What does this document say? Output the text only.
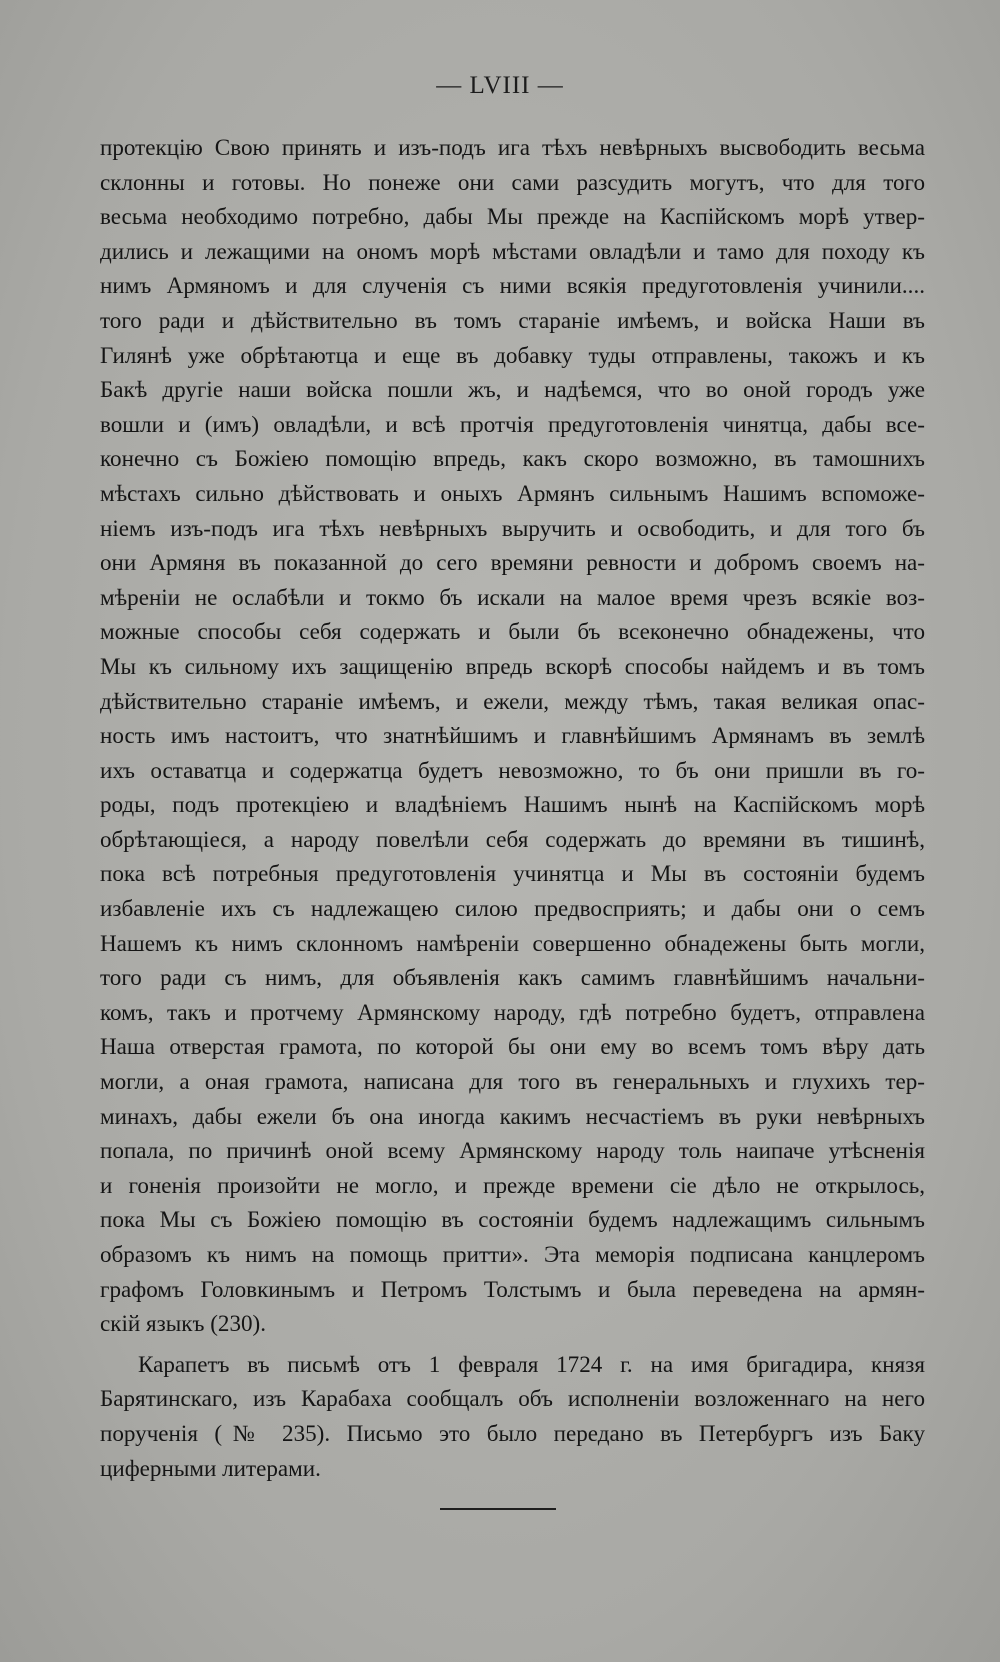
— LVIII —
протекцію Свою принять и изъ-подъ ига тѣхъ невѣрныхъ высвободить весьма
склонны и готовы. Но понеже они сами разсудить могутъ, что для того
весьма необходимо потребно, дабы Мы прежде на Каспійскомъ морѣ утвер-
дились и лежащими на ономъ морѣ мѣстами овладѣли и тамо для походу къ
нимъ Армяномъ и для слученія съ ними всякія предуготовленія учинили....
того ради и дѣйствительно въ томъ стараніе имѣемъ, и войска Наши въ
Гилянѣ уже обрѣтаютца и еще въ добавку туды отправлены, такожъ и къ
Бакѣ другіе наши войска пошли жъ, и надѣемся, что во оной городъ уже
вошли и (имъ) овладѣли, и всѣ протчія предуготовленія чинятца, дабы все-
конечно съ Божіею помощію впредь, какъ скоро возможно, въ тамошнихъ
мѣстахъ сильно дѣйствовать и оныхъ Армянъ сильнымъ Нашимъ вспоможе-
ніемъ изъ-подъ ига тѣхъ невѣрныхъ выручить и освободить, и для того бъ
они Армяня въ показанной до сего времяни ревности и добромъ своемъ на-
мѣреніи не ослабѣли и токмо бъ искали на малое время чрезъ всякіе воз-
можные способы себя содержать и были бъ всеконечно обнадежены, что
Мы къ сильному ихъ защищенію впредь вскорѣ способы найдемъ и въ томъ
дѣйствительно стараніе имѣемъ, и ежели, между тѣмъ, такая великая опас-
ность имъ настоитъ, что знатнѣйшимъ и главнѣйшимъ Армянамъ въ землѣ
ихъ оставатца и содержатца будетъ невозможно, то бъ они пришли въ го-
роды, подъ протекціею и владѣніемъ Нашимъ нынѣ на Каспійскомъ морѣ
обрѣтающіеся, а народу повелѣли себя содержать до времяни въ тишинѣ,
пока всѣ потребныя предуготовленія учинятца и Мы въ состояніи будемъ
избавленіе ихъ съ надлежащею силою предвосприять; и дабы они о семъ
Нашемъ къ нимъ склонномъ намѣреніи совершенно обнадежены быть могли,
того ради съ нимъ, для объявленія какъ самимъ главнѣйшимъ начальни-
комъ, такъ и протчему Армянскому народу, гдѣ потребно будетъ, отправлена
Наша отверстая грамота, по которой бы они ему во всемъ томъ вѣру дать
могли, а оная грамота, написана для того въ генеральныхъ и глухихъ тер-
минахъ, дабы ежели бъ она иногда какимъ несчастіемъ въ руки невѣрныхъ
попала, по причинѣ оной всему Армянскому народу толь наипаче утѣсненія
и гоненія произойти не могло, и прежде времени сіе дѣло не открылось,
пока Мы съ Божіею помощію въ состояніи будемъ надлежащимъ сильнымъ
образомъ къ нимъ на помощь притти». Эта меморія подписана канцлеромъ
графомъ Головкинымъ и Петромъ Толстымъ и была переведена на армян-
скій языкъ (230).
Карапетъ въ письмѣ отъ 1 февраля 1724 г. на имя бригадира, князя
Барятинскаго, изъ Карабаха сообщалъ объ исполненіи возложеннаго на него
порученія (№ 235). Письмо это было передано въ Петербургъ изъ Баку
циферными литерами.
